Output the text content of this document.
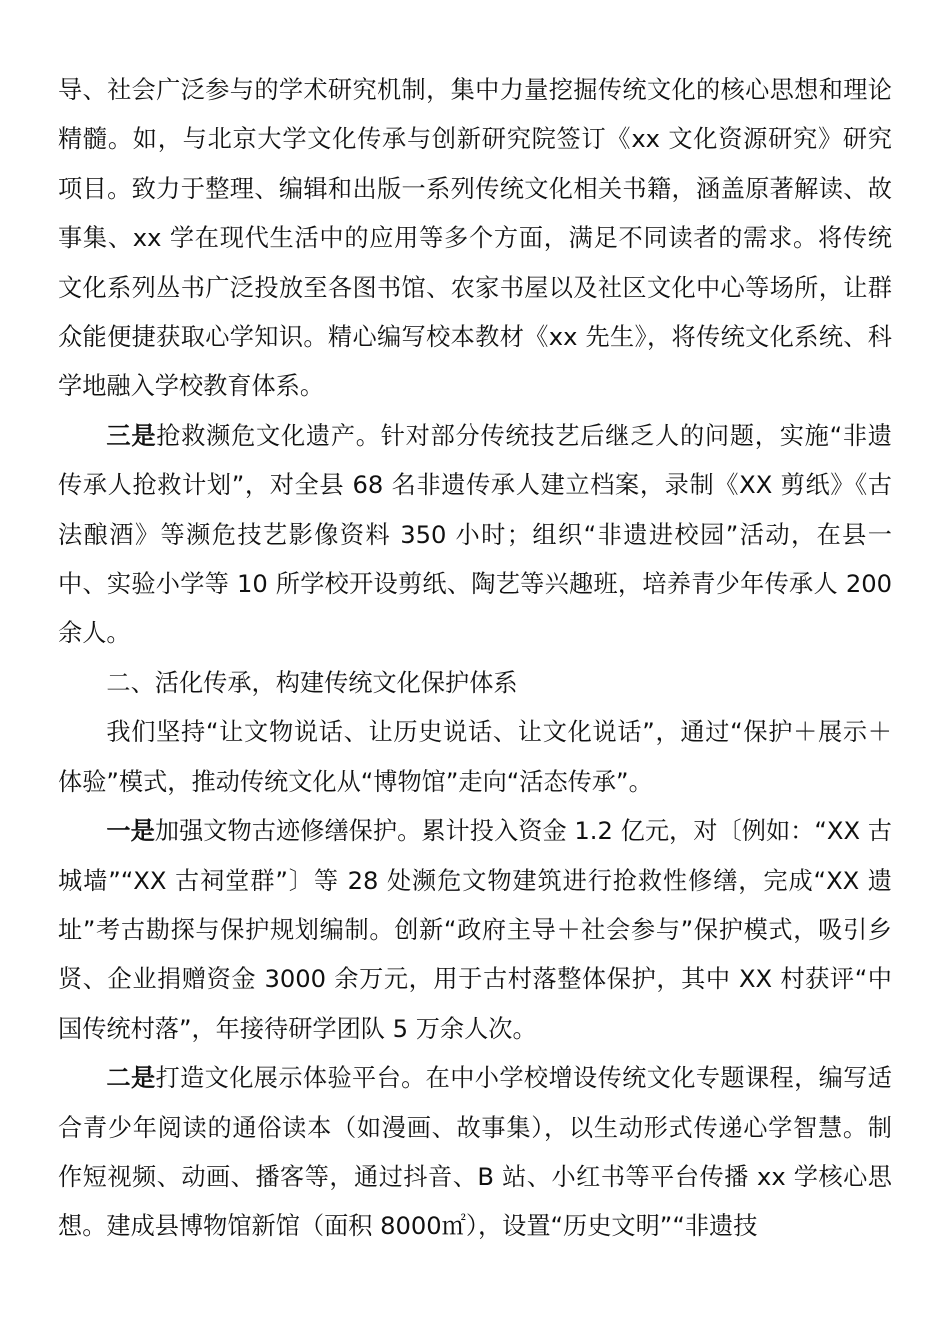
导、社会广泛参与的学术研究机制，集中力量挖掘传统文化的核心思想和理论精髓。如，与北京大学文化传承与创新研究院签订《xx 文化资源研究》研究项目。致力于整理、编辑和出版一系列传统文化相关书籍，涵盖原著解读、故事集、xx 学在现代生活中的应用等多个方面，满足不同读者的需求。将传统文化系列丛书广泛投放至各图书馆、农家书屋以及社区文化中心等场所，让群众能便捷获取心学知识。精心编写校本教材《xx 先生》，将传统文化系统、科学地融入学校教育体系。

三是抢救濒危文化遗产。针对部分传统技艺后继乏人的问题，实施“非遗传承人抢救计划”，对全县 68 名非遗传承人建立档案，录制《XX 剪纸》《古法酿酒》等濒危技艺影像资料 350 小时；组织“非遗进校园”活动，在县一中、实验小学等 10 所学校开设剪纸、陶艺等兴趣班，培养青少年传承人 200 余人。

二、活化传承，构建传统文化保护体系

我们坚持“让文物说话、让历史说话、让文化说话”，通过“保护＋展示＋体验”模式，推动传统文化从“博物馆”走向“活态传承”。

一是加强文物古迹修缮保护。累计投入资金 1.2 亿元，对〔例如：“XX 古城墙”“XX 古祠堂群”〕等 28 处濒危文物建筑进行抢救性修缮，完成“XX 遗址”考古勘探与保护规划编制。创新“政府主导＋社会参与”保护模式，吸引乡贤、企业捐赠资金 3000 余万元，用于古村落整体保护，其中 XX 村获评“中国传统村落”，年接待研学团队 5 万余人次。

二是打造文化展示体验平台。在中小学校增设传统文化专题课程，编写适合青少年阅读的通俗读本（如漫画、故事集），以生动形式传递心学智慧。制作短视频、动画、播客等，通过抖音、B 站、小红书等平台传播 xx 学核心思想。建成县博物馆新馆（面积 8000㎡），设置“历史文明”“非遗技
